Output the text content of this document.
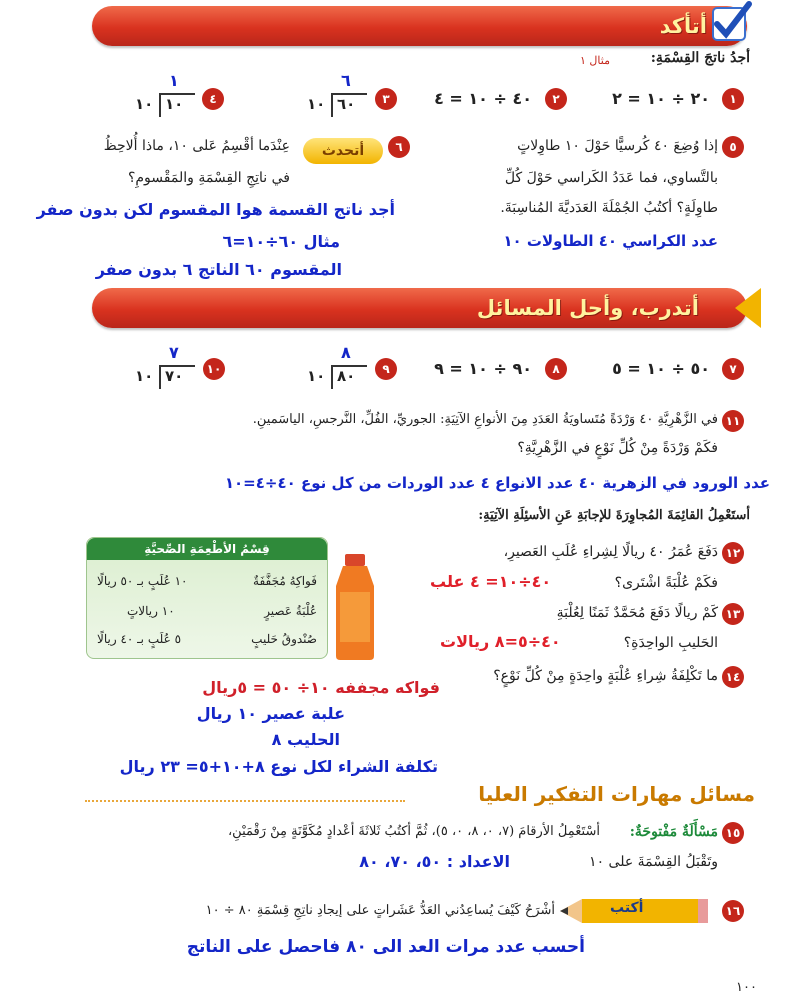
أتأكد
أجدُ ناتجَ القِسْمَةِ:
مثال ١
١
٢٠ ÷ ١٠ = ٢
٢
٤٠ ÷ ١٠ = ٤
٣
٦
١٠ ٦٠
٤
١
١٠ ١٠
٥
إذا وُضِعَ ٤٠ كُرسيًّا حَوْلَ ١٠ طاوِلاتٍ
بالتَّساوي، فما عَدَدُ الكَراسي حَوْلَ كُلِّ
طاوِلَةٍ؟ أكتُبُ الجُمْلَةَ العَدَديَّةَ المُناسِبَةَ.
عدد الكراسي ٤٠ الطاولات ١٠
٦
أتحدث
عِنْدَما أقْسِمُ عَلى ١٠، ماذا أُلاحِظُ
في ناتِجِ القِسْمَةِ والمَقْسومِ؟
أجد ناتج القسمة هوا المقسوم لكن بدون صفر
مثال ٦٠÷١٠=٦
المقسوم ٦٠ الناتج ٦ بدون صفر
أتدرب، وأحل المسائل
٧
٥٠ ÷ ١٠ = ٥
٨
٩٠ ÷ ١٠ = ٩
٩
٨
١٠ ٨٠
١٠
٧
١٠ ٧٠
١١
في الزَّهْرِيَّةِ ٤٠ وَرْدَةً مُتَساويَةُ العَدَدِ مِنَ الأنواعِ الآتِيَةِ: الجوريِّ، الفُلِّ، النَّرجسِ، الياسَمينِ.
فكَمْ وَرْدَةً مِنْ كُلِّ نَوْعٍ في الزَّهْرِيَّةِ؟
عدد الورود في الزهرية ٤٠ عدد الانواع ٤ عدد الوردات من كل نوع ٤٠÷٤=١٠
أستَعْمِلُ القائِمَةَ المُجاوِرَةَ للإجابَةِ عَنِ الأسئِلَةِ الآتِيَةِ:
قِسْمُ الأطْعِمَةِ الصِّحيَّةِ
فَواكِهُ مُجَفَّفَةٌ
١٠ عُلَبٍ بـ ٥٠ ريالًا
عُلْبَةُ عَصيرٍ
١٠ ريالاتٍ
صُنْدوقُ حَليبٍ
٥ عُلَبٍ بـ ٤٠ ريالًا
١٢
دَفَعَ عُمَرُ ٤٠ ريالًا لِشِراءِ عُلَبِ العَصيرِ،
فكَمْ عُلْبَةً اشْتَرى؟
٤٠÷١٠= ٤ علب
١٣
كَمْ ريالًا دَفَعَ مُحَمَّدٌ ثَمَنًا لِعُلْبَةِ
الحَليبِ الواحِدَةِ؟
٤٠÷٥=٨ ريالات
١٤
ما تَكْلِفَةُ شِراءِ عُلْبَةٍ واحِدَةٍ مِنْ كُلِّ نَوْعٍ؟
فواكه مجففه ١٠÷ ٥٠ = ٥ريال
علبة عصير ١٠ ريال
الحليب ٨
تكلفة الشراء لكل نوع ٨+١٠+٥= ٢٣ ريال
مسائل مهارات التفكير العليا
١٥
مَسْأَلَةٌ مَفْتوحَةٌ:
أسْتَعْمِلُ الأرقامَ (٧، ٠، ٨، ٠، ٥)، ثُمَّ أكتُبُ ثَلاثَةَ أعْدادٍ مُكَوَّنَةٍ مِنْ رَقْمَيْنِ،
وتَقْبَلُ القِسْمَةَ على ١٠
الاعداد : ٥٠، ٧٠، ٨٠
١٦
أكتب
أشْرَحُ كَيْفَ يُساعِدُني العَدُّ عَشَراتٍ على إيجادِ ناتِجِ قِسْمَةِ ٨٠ ÷ ١٠
أحسب عدد مرات العد الى ٨٠ فاحصل على الناتج
١٠٠
